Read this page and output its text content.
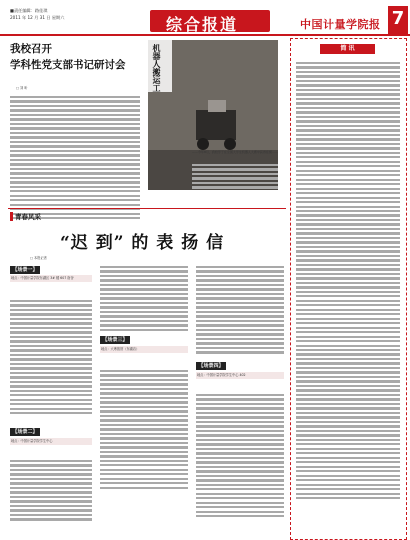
■责任编辑：路佳琪
2011 年 12 月 31 日 星期六	综合报道	中国计量学院报 7
我校召开
学科性党支部书记研讨会
□ 刘 昕	机器人搬运工
——今年8月，我校学子在全国大学生机器人大赛中获得佳绩……
简 讯
青春风采
“迟 到” 的 表 扬 信
□ 本报记者
【场景一】
地点：中国计量学院东湖区 3# 楼 607 宿舍
【场景二】
地点：中国计量学院学生中心
【场景三】
地点：大粤旅馆（东湖店）
【场景四】
地点：中国计量学院学生中心 402
